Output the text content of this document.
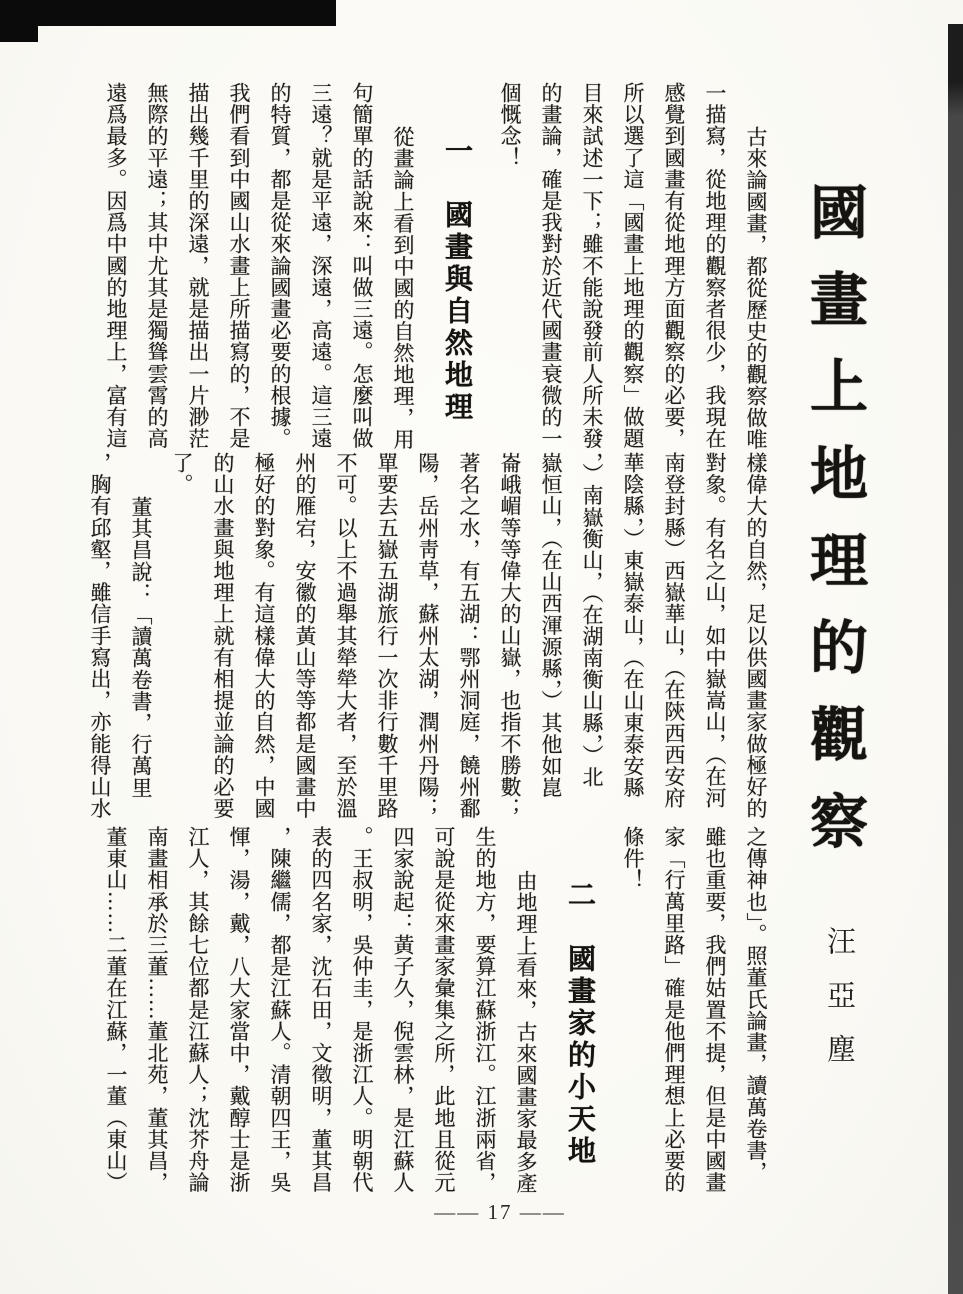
國畫上地理的觀察
汪亞塵
古來論國畫，都從歷史的觀察做唯
一描寫，從地理的觀察者很少，我現在
感覺到國畫有從地理方面觀察的必要，
所以選了這「國畫上地理的觀察」做題
目來試述一下；雖不能說發前人所未發
的畫論，確是我對於近代國畫衰微的一
個慨念！
一　國畫與自然地理
從畫論上看到中國的自然地理，用
句簡單的話說來：叫做三遠。怎麼叫做
三遠？就是平遠，深遠，高遠。這三遠
的特質，都是從來論國畫必要的根據。
我們看到中國山水畫上所描寫的，不是
描出幾千里的深遠，就是描出一片渺茫
無際的平遠；其中尤其是獨聳雲霄的高
遠爲最多。因爲中國的地理上，富有這
樣偉大的自然，足以供國畫家做極好的
對象。有名之山，如中嶽嵩山，（在河
南登封縣）西嶽華山，（在陝西西安府
華陰縣，）東嶽泰山，（在山東泰安縣
，）南嶽衡山，（在湖南衡山縣，）北
嶽恒山，（在山西渾源縣，）其他如崑
崙峨嵋等等偉大的山嶽，也指不勝數；
著名之水，有五湖：鄂州洞庭，饒州鄱
陽，岳州靑草，蘇州太湖，潤州丹陽；
單要去五嶽五湖旅行一次非行數千里路
不可。以上不過舉其犖犖大者，至於溫
州的雁宕，安徽的黃山等等都是國畫中
極好的對象。有這樣偉大的自然，中國
的山水畫與地理上就有相提並論的必要
了。
董其昌說：「讀萬卷書，行萬里
，胸有邱壑，雖信手寫出，亦能得山水
之傳神也」。照董氏論畫，讀萬卷書，
雖也重要，我們姑置不提，但是中國畫
家「行萬里路」確是他們理想上必要的
條件！
二　國畫家的小天地
由地理上看來，古來國畫家最多產
生的地方，要算江蘇浙江。江浙兩省，
可說是從來畫家彙集之所，此地且從元
四家說起：黃子久，倪雲林，是江蘇人
。王叔明，吳仲圭，是浙江人。明朝代
表的四名家，沈石田，文徵明，董其昌
，陳繼儒，都是江蘇人。清朝四王，吳
惲，湯，戴，八大家當中，戴醇士是浙
江人，其餘七位都是江蘇人；沈芥舟論
南畫相承於三董……董北苑，董其昌，
董東山……二董在江蘇，一董（東山）
—— 17 ——
